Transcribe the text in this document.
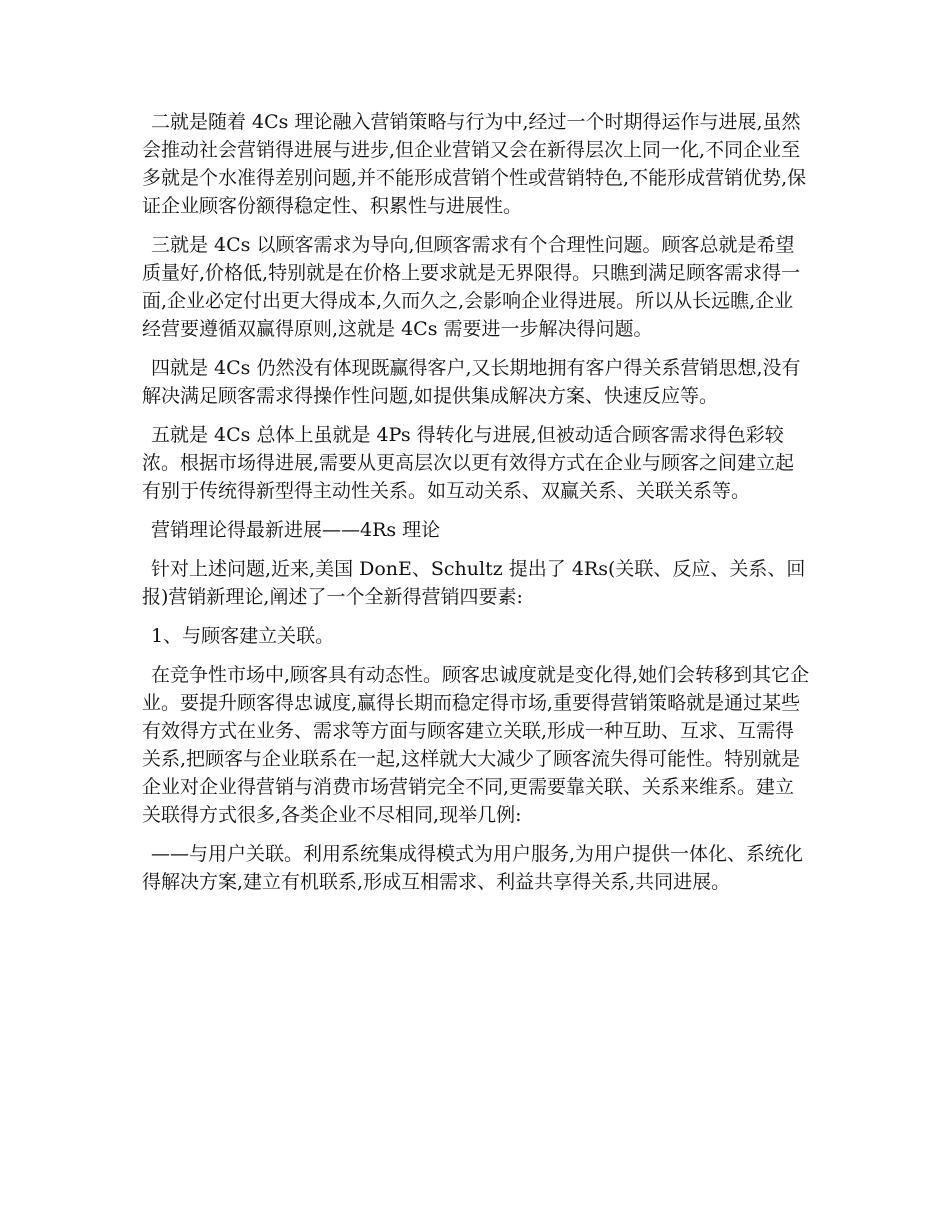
二就是随着 4Cs 理论融入营销策略与行为中,经过一个时期得运作与进展,虽然会推动社会营销得进展与进步,但企业营销又会在新得层次上同一化,不同企业至多就是个水准得差别问题,并不能形成营销个性或营销特色,不能形成营销优势,保证企业顾客份额得稳定性、积累性与进展性。

三就是 4Cs 以顾客需求为导向,但顾客需求有个合理性问题。顾客总就是希望质量好,价格低,特别就是在价格上要求就是无界限得。只瞧到满足顾客需求得一面,企业必定付出更大得成本,久而久之,会影响企业得进展。所以从长远瞧,企业经营要遵循双赢得原则,这就是 4Cs 需要进一步解决得问题。

四就是 4Cs 仍然没有体现既赢得客户,又长期地拥有客户得关系营销思想,没有解决满足顾客需求得操作性问题,如提供集成解决方案、快速反应等。

五就是 4Cs 总体上虽就是 4Ps 得转化与进展,但被动适合顾客需求得色彩较浓。根据市场得进展,需要从更高层次以更有效得方式在企业与顾客之间建立起有别于传统得新型得主动性关系。如互动关系、双赢关系、关联关系等。

营销理论得最新进展——4Rs 理论

针对上述问题,近来,美国 DonE、Schultz 提出了 4Rs(关联、反应、关系、回报)营销新理论,阐述了一个全新得营销四要素:

1、与顾客建立关联。

在竞争性市场中,顾客具有动态性。顾客忠诚度就是变化得,她们会转移到其它企业。要提升顾客得忠诚度,赢得长期而稳定得市场,重要得营销策略就是通过某些有效得方式在业务、需求等方面与顾客建立关联,形成一种互助、互求、互需得关系,把顾客与企业联系在一起,这样就大大减少了顾客流失得可能性。特别就是企业对企业得营销与消费市场营销完全不同,更需要靠关联、关系来维系。建立关联得方式很多,各类企业不尽相同,现举几例:

——与用户关联。利用系统集成得模式为用户服务,为用户提供一体化、系统化得解决方案,建立有机联系,形成互相需求、利益共享得关系,共同进展。
